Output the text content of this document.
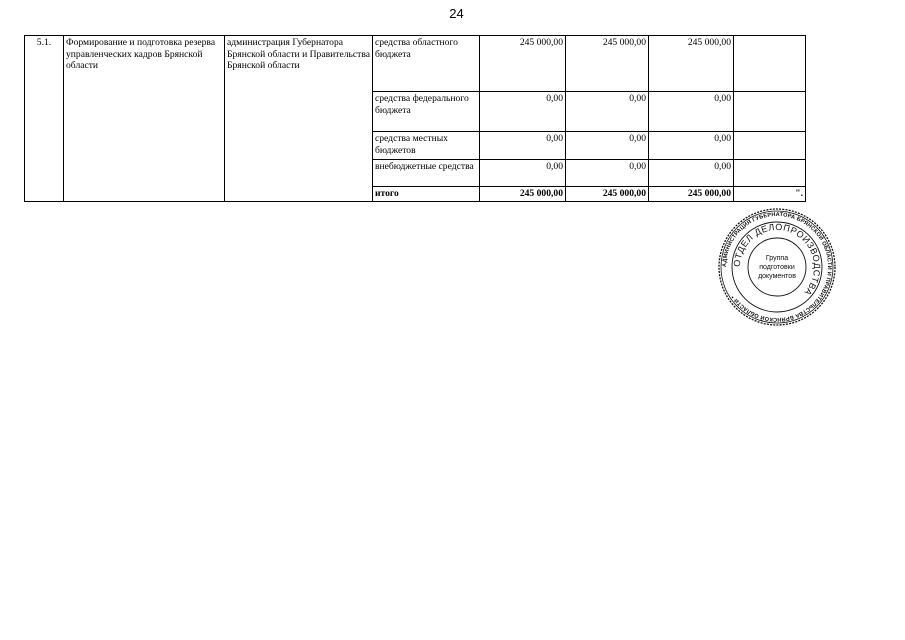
24
5.1.	Формирование и подготовка резерва управленческих кадров Брянской области	администрация Губернатора Брянской области и Правительства Брянской области	средства областного бюджета	245 000,00	245 000,00	245 000,00	
			средства федерального бюджета	0,00	0,00	0,00	
			средства местных бюджетов	0,00	0,00	0,00	
			внебюджетные средства	0,00	0,00	0,00	
			итого	245 000,00	245 000,00	245 000,00	".
АДМИНИСТРАЦИЯ ГУБЕРНАТОРА БРЯНСКОЙ ОБЛАСТИ И ПРАВИТЕЛЬСТВА БРЯНСКОЙ ОБЛАСТИ *
ОТДЕЛ ДЕЛОПРОИЗВОДСТВА
Группа
подготовки
документов
